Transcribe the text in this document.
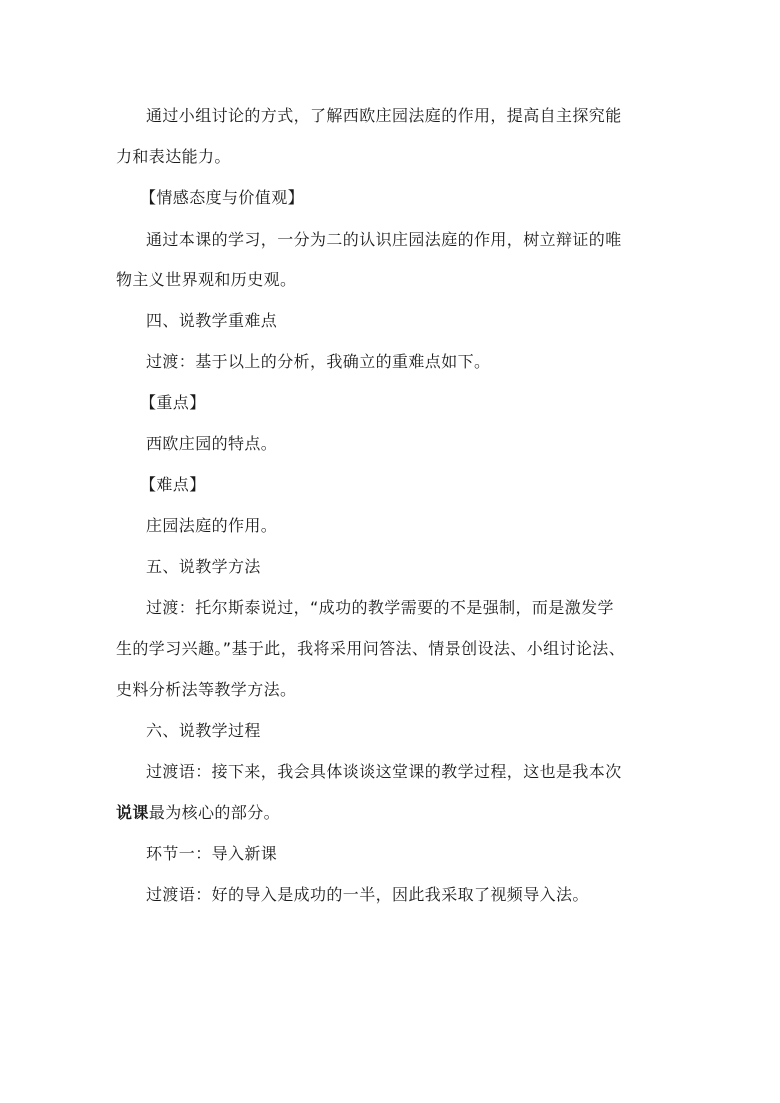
通过小组讨论的方式，了解西欧庄园法庭的作用，提高自主探究能
力和表达能力。
【情感态度与价值观】
通过本课的学习，一分为二的认识庄园法庭的作用，树立辩证的唯
物主义世界观和历史观。
四、说教学重难点
过渡：基于以上的分析，我确立的重难点如下。
【重点】
西欧庄园的特点。
【难点】
庄园法庭的作用。
五、说教学方法
过渡：托尔斯泰说过，“成功的教学需要的不是强制，而是激发学
生的学习兴趣。”基于此，我将采用问答法、情景创设法、小组讨论法、
史料分析法等教学方法。
六、说教学过程
过渡语：接下来，我会具体谈谈这堂课的教学过程，这也是我本次
说课最为核心的部分。
环节一：导入新课
过渡语：好的导入是成功的一半，因此我采取了视频导入法。
